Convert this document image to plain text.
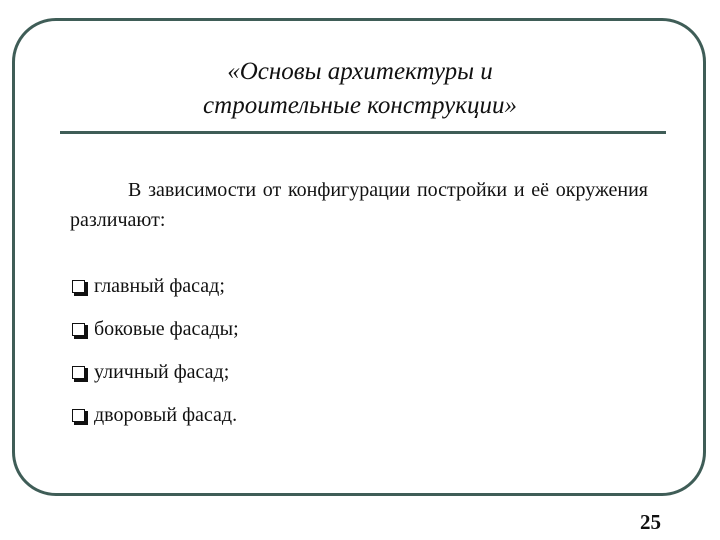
«Основы архитектуры и
строительные конструкции»
В зависимости от конфигурации постройки и её окружения различают:
главный фасад;
боковые фасады;
уличный фасад;
дворовый фасад.
25
